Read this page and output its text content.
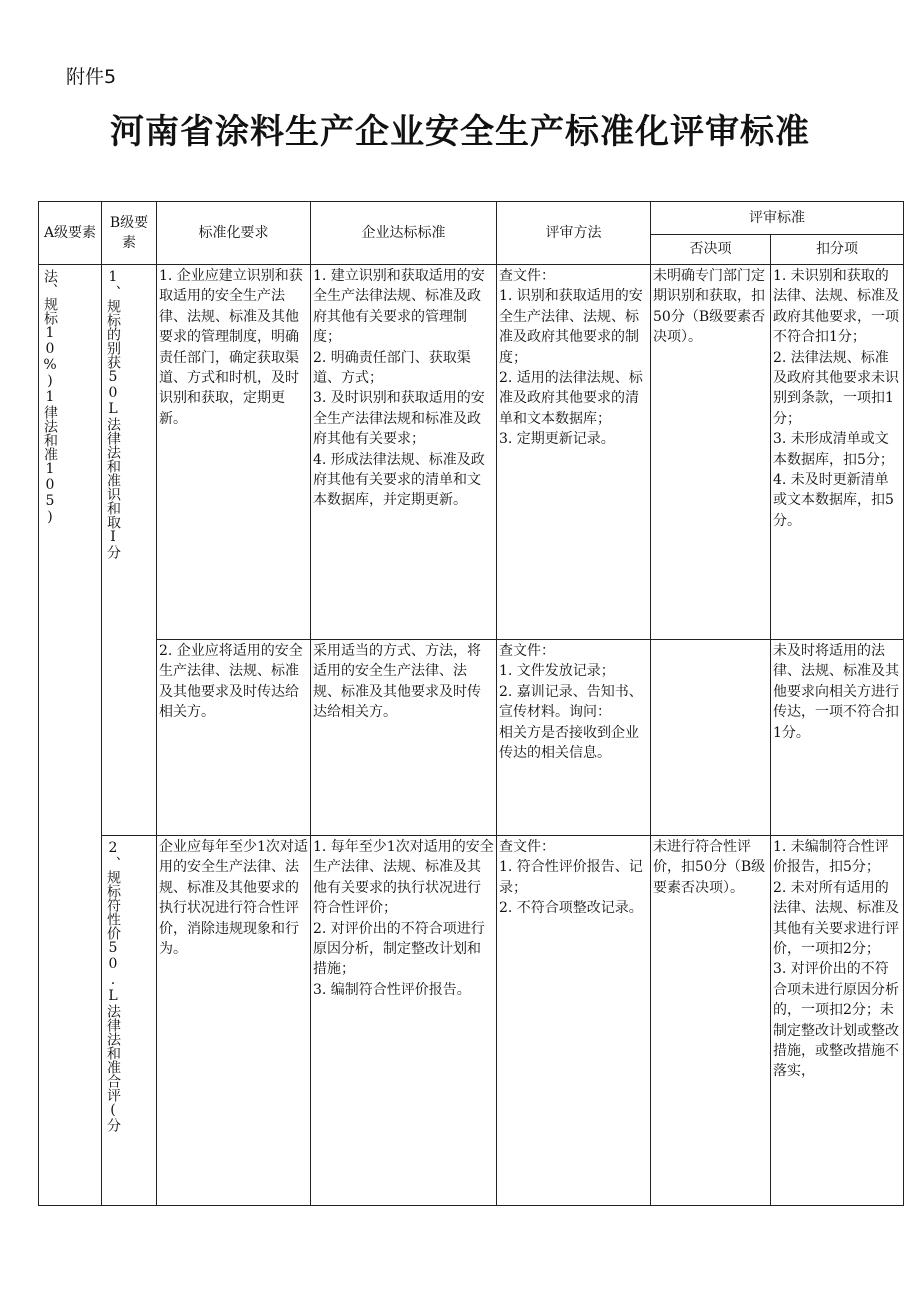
附件5
河南省涂料生产企业安全生产标准化评审标准
A级要素	B级要素	标准化要求	企业达标标准	评审方法	评审标准	
					否决项	扣分项

法、规标10%)1律法和准105)	1、规标的别获50L法律法和准识和取I分	1. 企业应建立识别和获取适用的安全生产法律、法规、标准及其他要求的管理制度，明确责任部门，确定获取渠道、方式和时机，及时识别和获取，定期更新。	1. 建立识别和获取适用的安全生产法律法规、标准及政府其他有关要求的管理制度；
2. 明确责任部门、获取渠道、方式；
3. 及时识别和获取适用的安全生产法律法规和标准及政府其他有关要求；
4. 形成法律法规、标准及政府其他有关要求的清单和文本数据库，并定期更新。	查文件：
1. 识别和获取适用的安全生产法律、法规、标准及政府其他要求的制度；
2. 适用的法律法规、标准及政府其他要求的清单和文本数据库；
3. 定期更新记录。	未明确专门部门定期识别和获取，扣50分（B级要素否决项）。	1. 未识别和获取的法律、法规、标准及政府其他要求，一项不符合扣1分；
2. 法律法规、标准及政府其他要求未识别到条款，一项扣1分；
3. 未形成清单或文本数据库，扣5分；
4. 未及时更新清单或文本数据库，扣5分。
		2. 企业应将适用的安全生产法律、法规、标准及其他要求及时传达给相关方。	采用适当的方式、方法，将适用的安全生产法律、法规、标准及其他要求及时传达给相关方。	查文件：
1. 文件发放记录；
2. 嘉训记录、告知书、宣传材料。询问：
相关方是否接收到企业传达的相关信息。		未及时将适用的法律、法规、标准及其他要求向相关方进行传达，一项不符合扣1分。

	2、规标符性价50.L法律法和准合评(分	企业应每年至少1次对适用的安全生产法律、法规、标准及其他要求的执行状况进行符合性评价，消除违规现象和行为。	1. 每年至少1次对适用的安全生产法律、法规、标准及其他有关要求的执行状况进行符合性评价；
2. 对评价出的不符合项进行原因分析，制定整改计划和措施；
3. 编制符合性评价报告。	查文件：
1. 符合性评价报告、记录；
2. 不符合项整改记录。	未进行符合性评价，扣50分（B级要素否决项）。	1. 未编制符合性评价报告，扣5分；
2. 未对所有适用的法律、法规、标准及其他有关要求进行评价，一项扣2分；
3. 对评价出的不符合项未进行原因分析的，一项扣2分；未制定整改计划或整改措施，或整改措施不落实，
